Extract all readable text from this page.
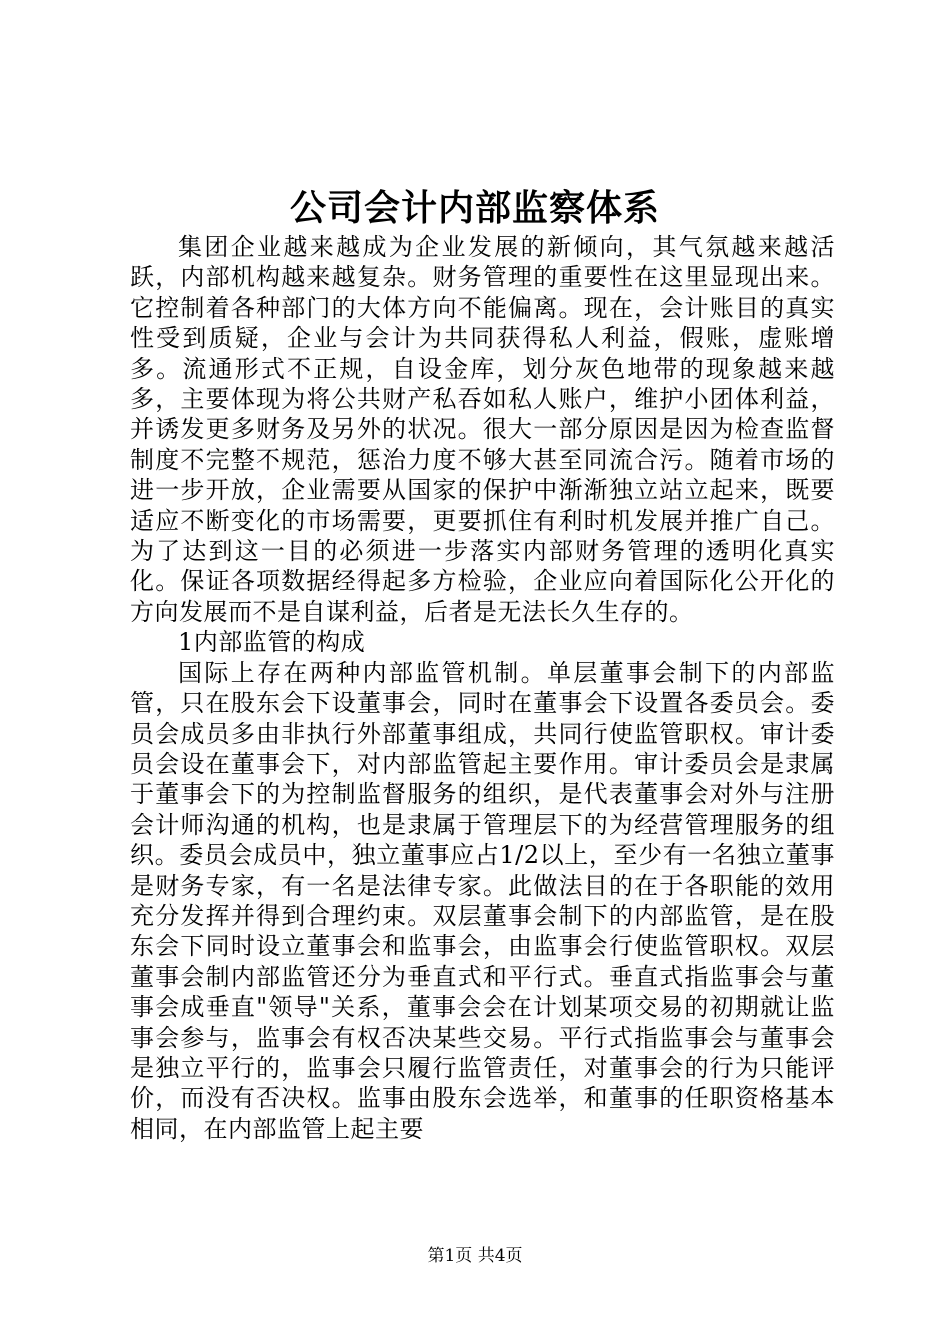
公司会计内部监察体系

集团企业越来越成为企业发展的新倾向，其气氛越来越活跃，内部机构越来越复杂。财务管理的重要性在这里显现出来。它控制着各种部门的大体方向不能偏离。现在，会计账目的真实性受到质疑，企业与会计为共同获得私人利益，假账，虚账增多。流通形式不正规，自设金库，划分灰色地带的现象越来越多，主要体现为将公共财产私吞如私人账户，维护小团体利益，并诱发更多财务及另外的状况。很大一部分原因是因为检查监督制度不完整不规范，惩治力度不够大甚至同流合污。随着市场的进一步开放，企业需要从国家的保护中渐渐独立站立起来，既要适应不断变化的市场需要，更要抓住有利时机发展并推广自己。为了达到这一目的必须进一步落实内部财务管理的透明化真实化。保证各项数据经得起多方检验，企业应向着国际化公开化的方向发展而不是自谋利益，后者是无法长久生存的。

1内部监管的构成

国际上存在两种内部监管机制。单层董事会制下的内部监管，只在股东会下设董事会，同时在董事会下设置各委员会。委员会成员多由非执行外部董事组成，共同行使监管职权。审计委员会设在董事会下，对内部监管起主要作用。审计委员会是隶属于董事会下的为控制监督服务的组织，是代表董事会对外与注册会计师沟通的机构，也是隶属于管理层下的为经营管理服务的组织。委员会成员中，独立董事应占1/2以上，至少有一名独立董事是财务专家，有一名是法律专家。此做法目的在于各职能的效用充分发挥并得到合理约束。双层董事会制下的内部监管，是在股东会下同时设立董事会和监事会，由监事会行使监管职权。双层董事会制内部监管还分为垂直式和平行式。垂直式指监事会与董事会成垂直"领导"关系，董事会会在计划某项交易的初期就让监事会参与，监事会有权否决某些交易。平行式指监事会与董事会是独立平行的，监事会只履行监管责任，对董事会的行为只能评价，而没有否决权。监事由股东会选举，和董事的任职资格基本相同，在内部监管上起主要

第1页 共4页
